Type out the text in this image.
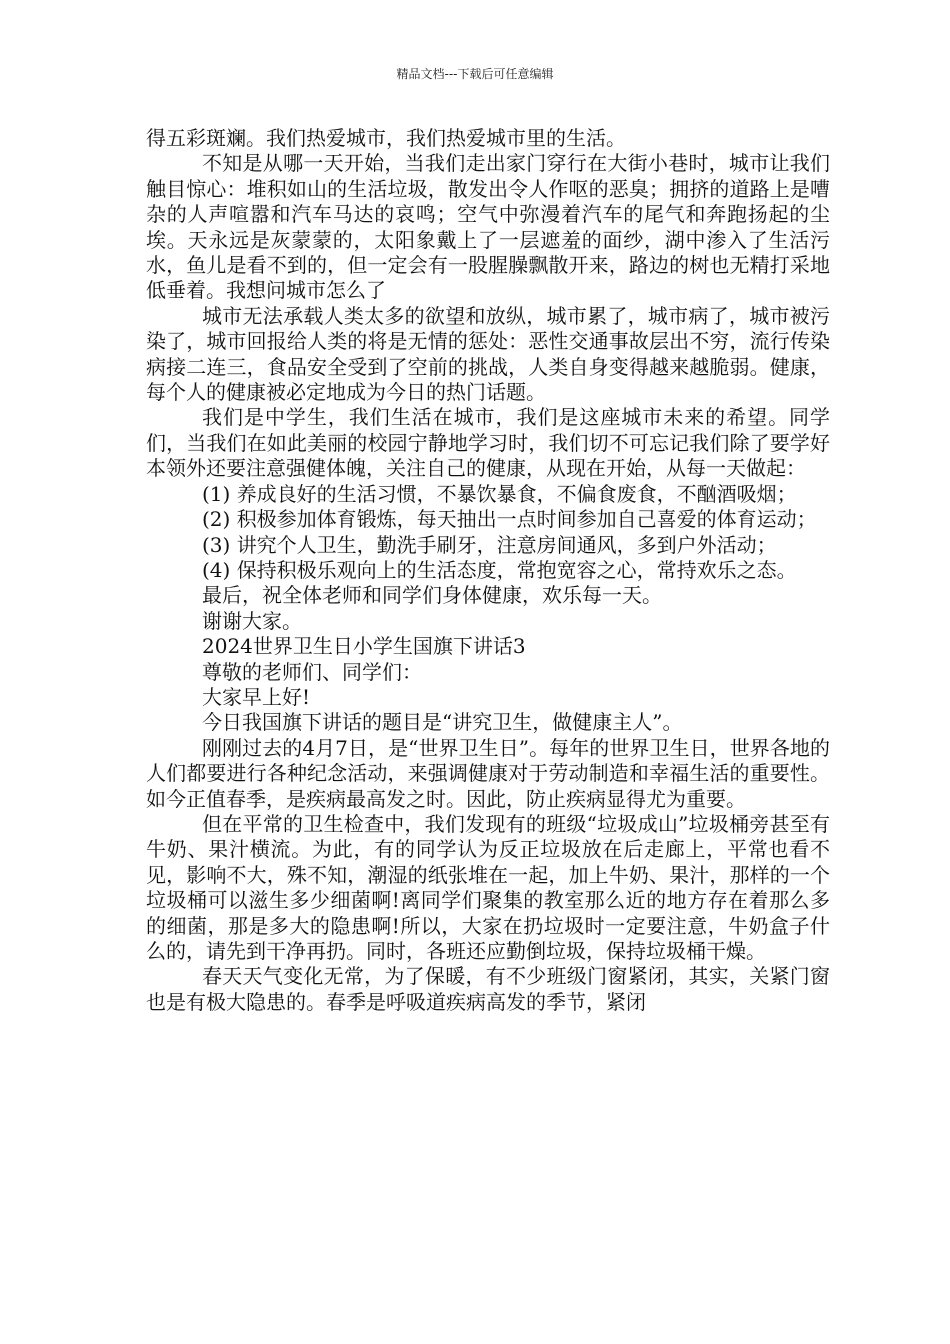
精品文档---下载后可任意编辑

得五彩斑斓。我们热爱城市，我们热爱城市里的生活。

不知是从哪一天开始，当我们走出家门穿行在大街小巷时，城市让我们触目惊心：堆积如山的生活垃圾，散发出令人作呕的恶臭；拥挤的道路上是嘈杂的人声喧嚣和汽车马达的哀鸣；空气中弥漫着汽车的尾气和奔跑扬起的尘埃。天永远是灰蒙蒙的，太阳象戴上了一层遮羞的面纱，湖中渗入了生活污水，鱼儿是看不到的，但一定会有一股腥臊飘散开来，路边的树也无精打采地低垂着。我想问城市怎么了

城市无法承载人类太多的欲望和放纵，城市累了，城市病了，城市被污染了，城市回报给人类的将是无情的惩处：恶性交通事故层出不穷，流行传染病接二连三，食品安全受到了空前的挑战，人类自身变得越来越脆弱。健康，每个人的健康被必定地成为今日的热门话题。

我们是中学生，我们生活在城市，我们是这座城市未来的希望。同学们，当我们在如此美丽的校园宁静地学习时，我们切不可忘记我们除了要学好本领外还要注意强健体魄，关注自己的健康，从现在开始，从每一天做起：

(1) 养成良好的生活习惯，不暴饮暴食，不偏食废食，不酗酒吸烟；

(2) 积极参加体育锻炼，每天抽出一点时间参加自己喜爱的体育运动；

(3) 讲究个人卫生，勤洗手刷牙，注意房间通风，多到户外活动；

(4) 保持积极乐观向上的生活态度，常抱宽容之心，常持欢乐之态。

最后，祝全体老师和同学们身体健康，欢乐每一天。

谢谢大家。

2024世界卫生日小学生国旗下讲话3

尊敬的老师们、同学们：

大家早上好!

今日我国旗下讲话的题目是“讲究卫生，做健康主人”。

刚刚过去的4月7日，是“世界卫生日”。每年的世界卫生日，世界各地的人们都要进行各种纪念活动，来强调健康对于劳动制造和幸福生活的重要性。如今正值春季，是疾病最高发之时。因此，防止疾病显得尤为重要。

但在平常的卫生检查中，我们发现有的班级“垃圾成山”垃圾桶旁甚至有牛奶、果汁横流。为此，有的同学认为反正垃圾放在后走廊上，平常也看不见，影响不大，殊不知，潮湿的纸张堆在一起，加上牛奶、果汁，那样的一个垃圾桶可以滋生多少细菌啊!离同学们聚集的教室那么近的地方存在着那么多的细菌，那是多大的隐患啊!所以，大家在扔垃圾时一定要注意，牛奶盒子什么的，请先到干净再扔。同时，各班还应勤倒垃圾，保持垃圾桶干燥。

春天天气变化无常，为了保暖，有不少班级门窗紧闭，其实，关紧门窗也是有极大隐患的。春季是呼吸道疾病高发的季节，紧闭
